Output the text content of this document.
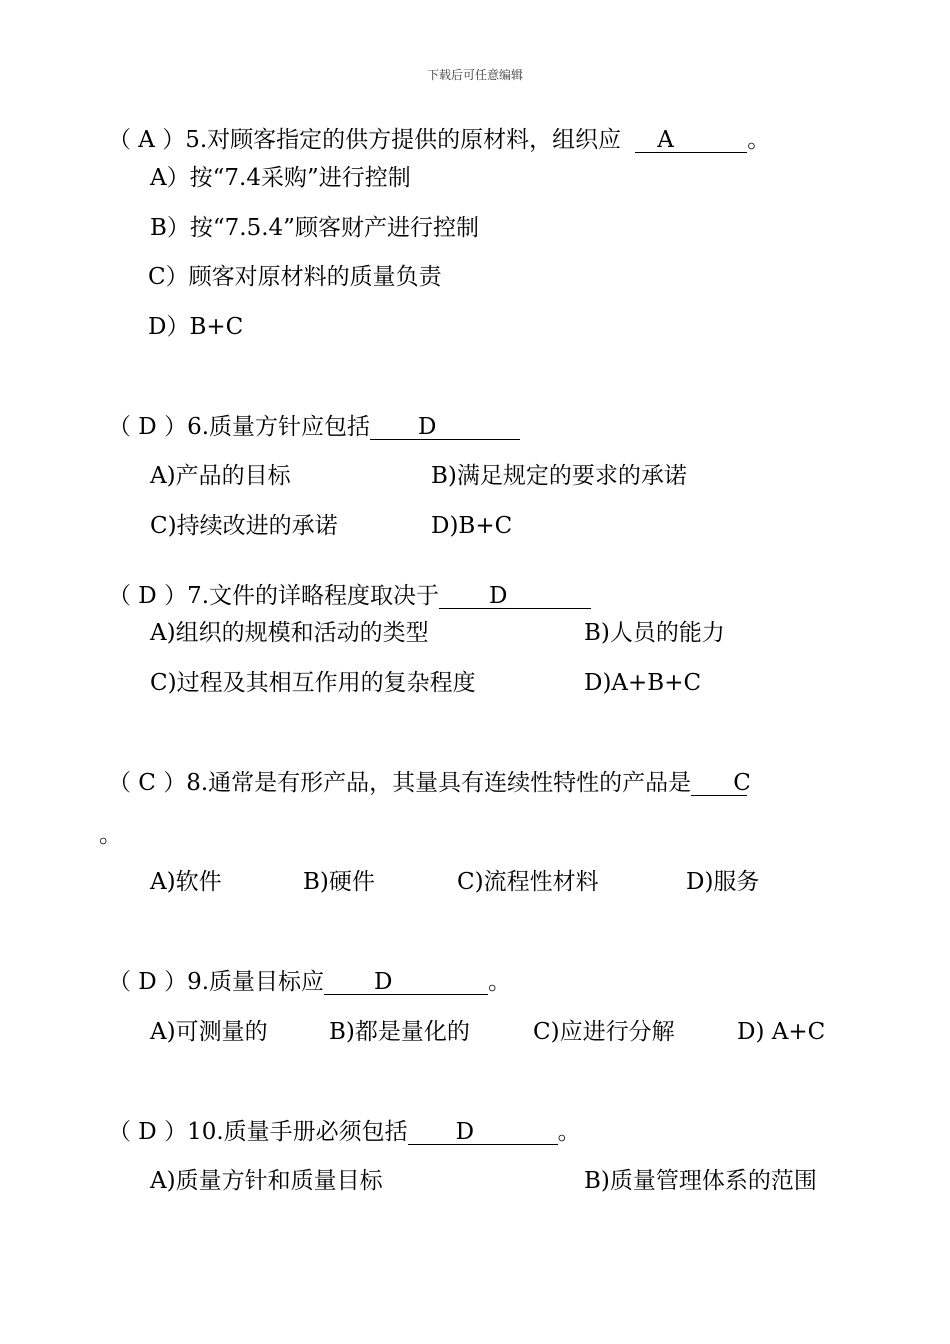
下载后可任意编辑
（ A ）5.对顾客指定的供方提供的原材料，组织应 A	。
A）按“7.4采购”进行控制
B）按“7.5.4”顾客财产进行控制
C）顾客对原材料的质量负责
D）B+C
（ D ）6.质量方针应包括 D
A)产品的目标	B)满足规定的要求的承诺
C)持续改进的承诺	D)B+C
（ D ）7.文件的详略程度取决于 D
A)组织的规模和活动的类型	B)人员的能力
C)过程及其相互作用的复杂程度	D)A+B+C
（ C ）8.通常是有形产品，其量具有连续性特性的产品是 C
。
A)软件	B)硬件	C)流程性材料	D)服务
（ D ）9.质量目标应 D	。
A)可测量的	B)都是量化的	C)应进行分解	D) A+C
（ D ）10.质量手册必须包括 D	。
A)质量方针和质量目标	B)质量管理体系的范围
